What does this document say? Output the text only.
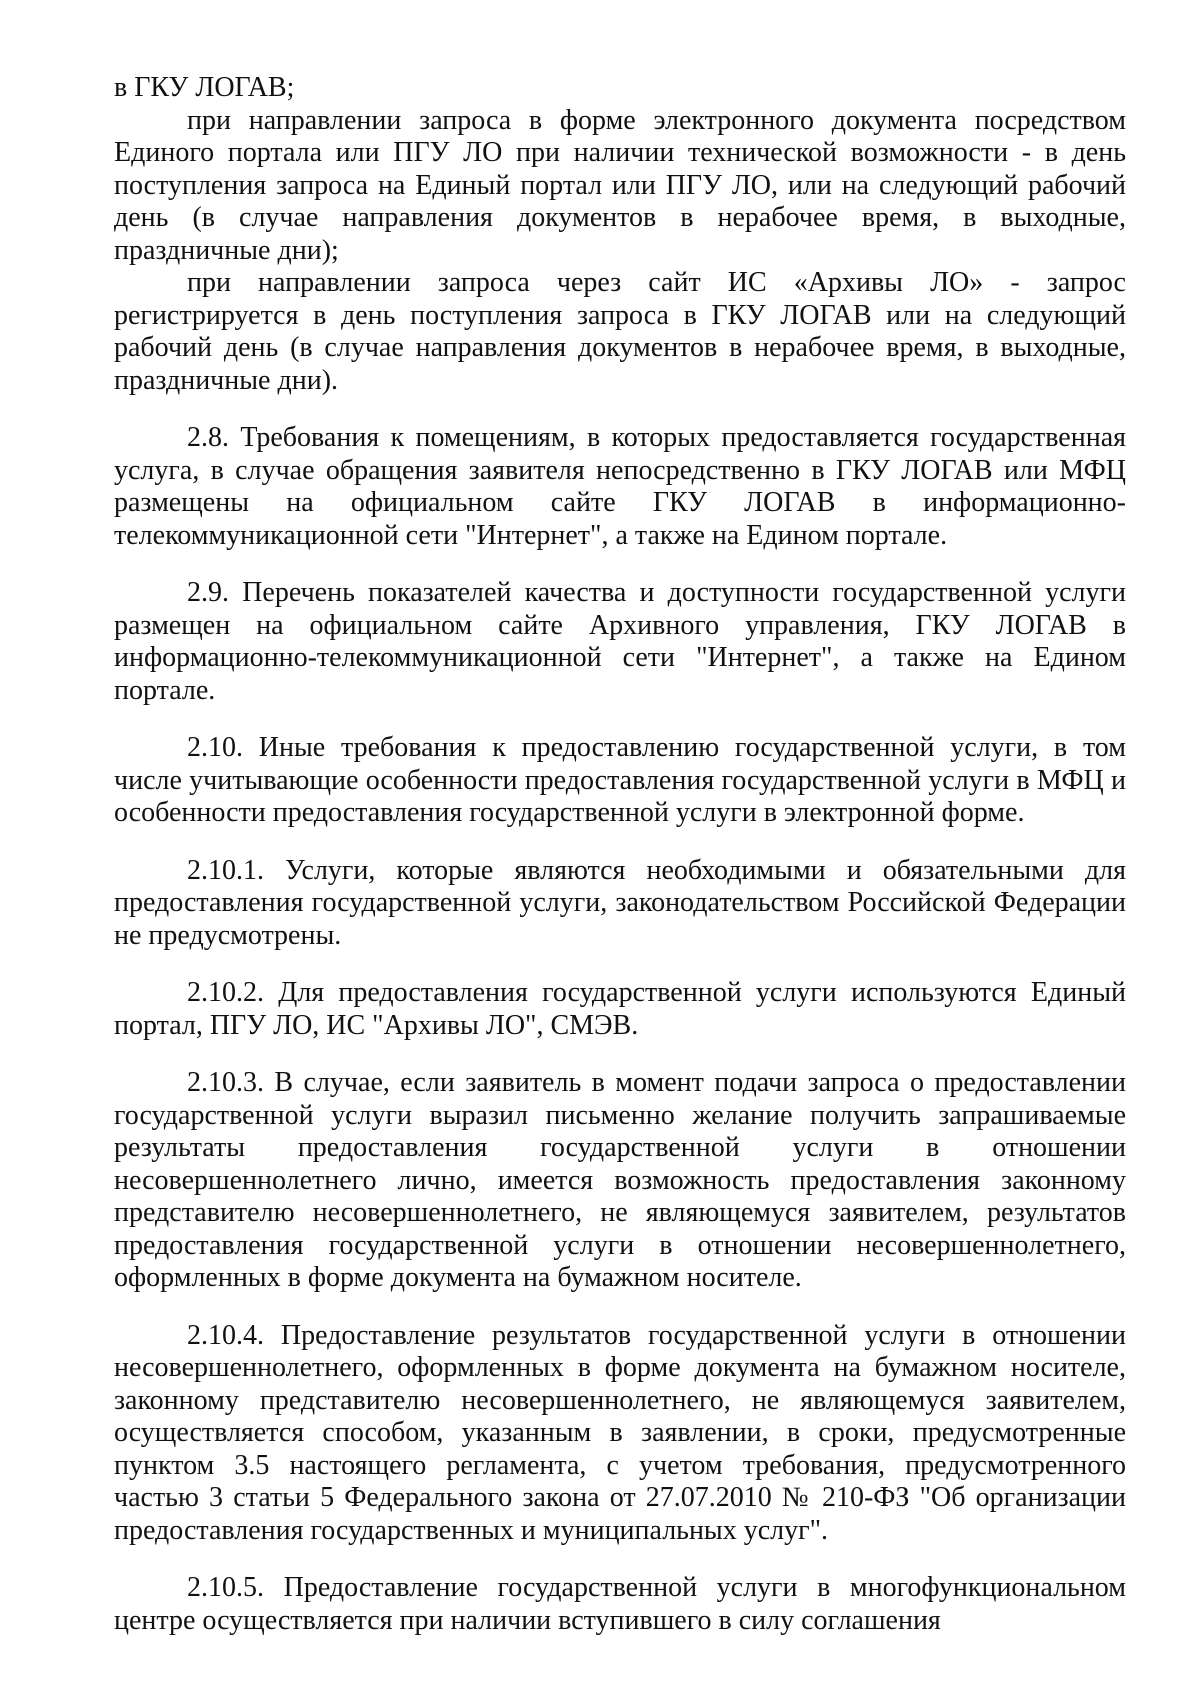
в ГКУ ЛОГАВ;

при направлении запроса в форме электронного документа посредством Единого портала или ПГУ ЛО при наличии технической возможности - в день поступления запроса на Единый портал или ПГУ ЛО, или на следующий рабочий день (в случае направления документов в нерабочее время, в выходные, праздничные дни);

при направлении запроса через сайт ИС «Архивы ЛО» - запрос регистрируется в день поступления запроса в ГКУ ЛОГАВ или на следующий рабочий день (в случае направления документов в нерабочее время, в выходные, праздничные дни).

2.8. Требования к помещениям, в которых предоставляется государственная услуга, в случае обращения заявителя непосредственно в ГКУ ЛОГАВ или МФЦ размещены на официальном сайте ГКУ ЛОГАВ в информационно-телекоммуникационной сети "Интернет", а также на Едином портале.

2.9. Перечень показателей качества и доступности государственной услуги размещен на официальном сайте Архивного управления, ГКУ ЛОГАВ в информационно-телекоммуникационной сети "Интернет", а также на Едином портале.

2.10. Иные требования к предоставлению государственной услуги, в том числе учитывающие особенности предоставления государственной услуги в МФЦ и особенности предоставления государственной услуги в электронной форме.

2.10.1. Услуги, которые являются необходимыми и обязательными для предоставления государственной услуги, законодательством Российской Федерации не предусмотрены.

2.10.2. Для предоставления государственной услуги используются Единый портал, ПГУ ЛО, ИС "Архивы ЛО", СМЭВ.

2.10.3. В случае, если заявитель в момент подачи запроса о предоставлении государственной услуги выразил письменно желание получить запрашиваемые результаты предоставления государственной услуги в отношении несовершеннолетнего лично, имеется возможность предоставления законному представителю несовершеннолетнего, не являющемуся заявителем, результатов предоставления государственной услуги в отношении несовершеннолетнего, оформленных в форме документа на бумажном носителе.

2.10.4. Предоставление результатов государственной услуги в отношении несовершеннолетнего, оформленных в форме документа на бумажном носителе, законному представителю несовершеннолетнего, не являющемуся заявителем, осуществляется способом, указанным в заявлении, в сроки, предусмотренные пунктом 3.5 настоящего регламента, с учетом требования, предусмотренного частью 3 статьи 5 Федерального закона от 27.07.2010 № 210-ФЗ "Об организации предоставления государственных и муниципальных услуг".

2.10.5. Предоставление государственной услуги в многофункциональном центре осуществляется при наличии вступившего в силу соглашения
